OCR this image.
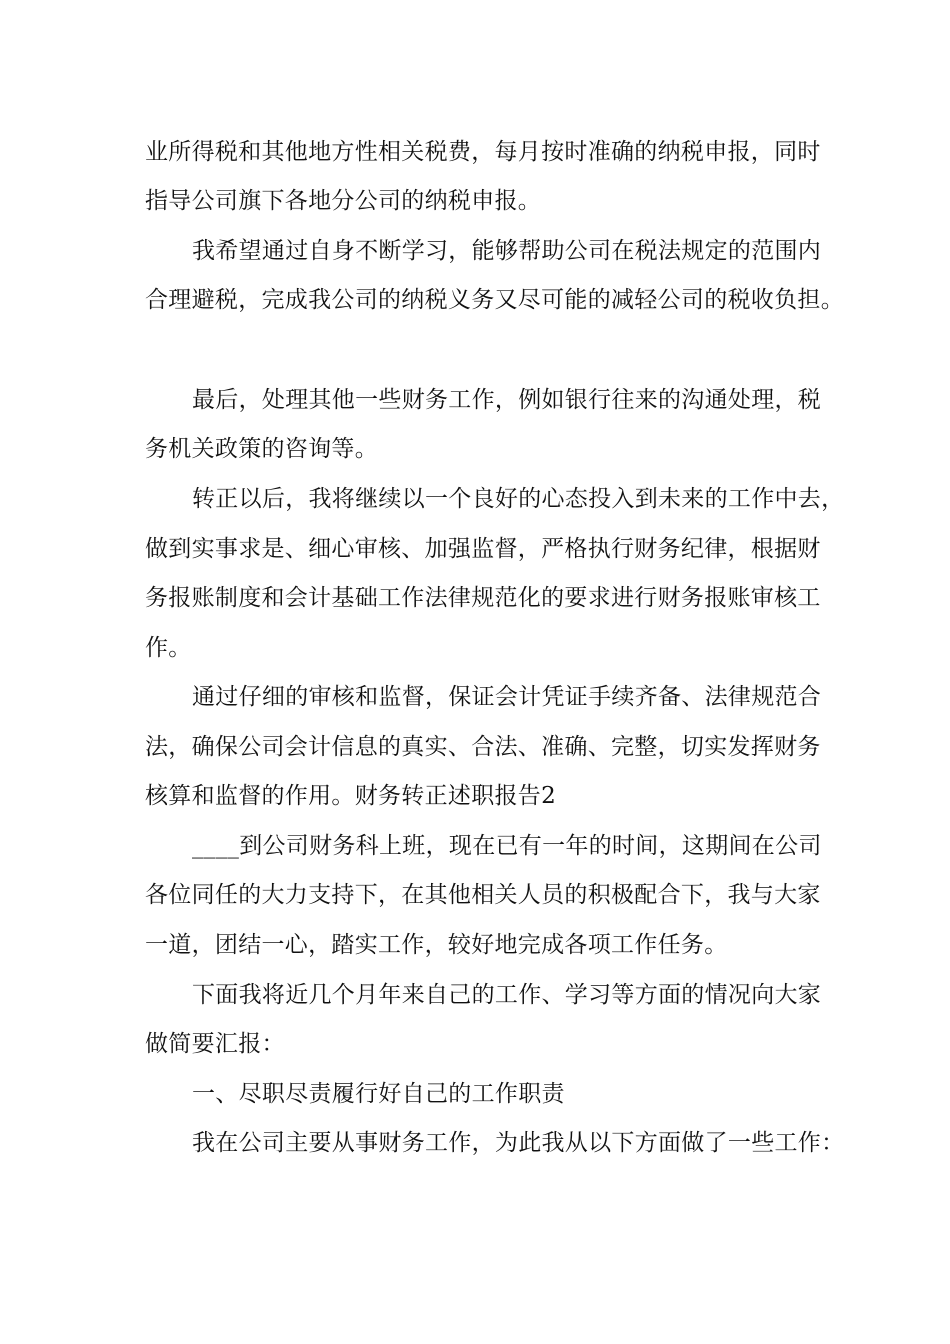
业所得税和其他地方性相关税费，每月按时准确的纳税申报，同时
指导公司旗下各地分公司的纳税申报。
我希望通过自身不断学习，能够帮助公司在税法规定的范围内
合理避税，完成我公司的纳税义务又尽可能的减轻公司的税收负担。
最后，处理其他一些财务工作，例如银行往来的沟通处理，税
务机关政策的咨询等。
转正以后，我将继续以一个良好的心态投入到未来的工作中去，
做到实事求是、细心审核、加强监督，严格执行财务纪律，根据财
务报账制度和会计基础工作法律规范化的要求进行财务报账审核工
作。
通过仔细的审核和监督，保证会计凭证手续齐备、法律规范合
法，确保公司会计信息的真实、合法、准确、完整，切实发挥财务
核算和监督的作用。财务转正述职报告2
____到公司财务科上班，现在已有一年的时间，这期间在公司
各位同任的大力支持下，在其他相关人员的积极配合下，我与大家
一道，团结一心，踏实工作，较好地完成各项工作任务。
下面我将近几个月年来自己的工作、学习等方面的情况向大家
做简要汇报：
一、尽职尽责履行好自己的工作职责
我在公司主要从事财务工作，为此我从以下方面做了一些工作：
